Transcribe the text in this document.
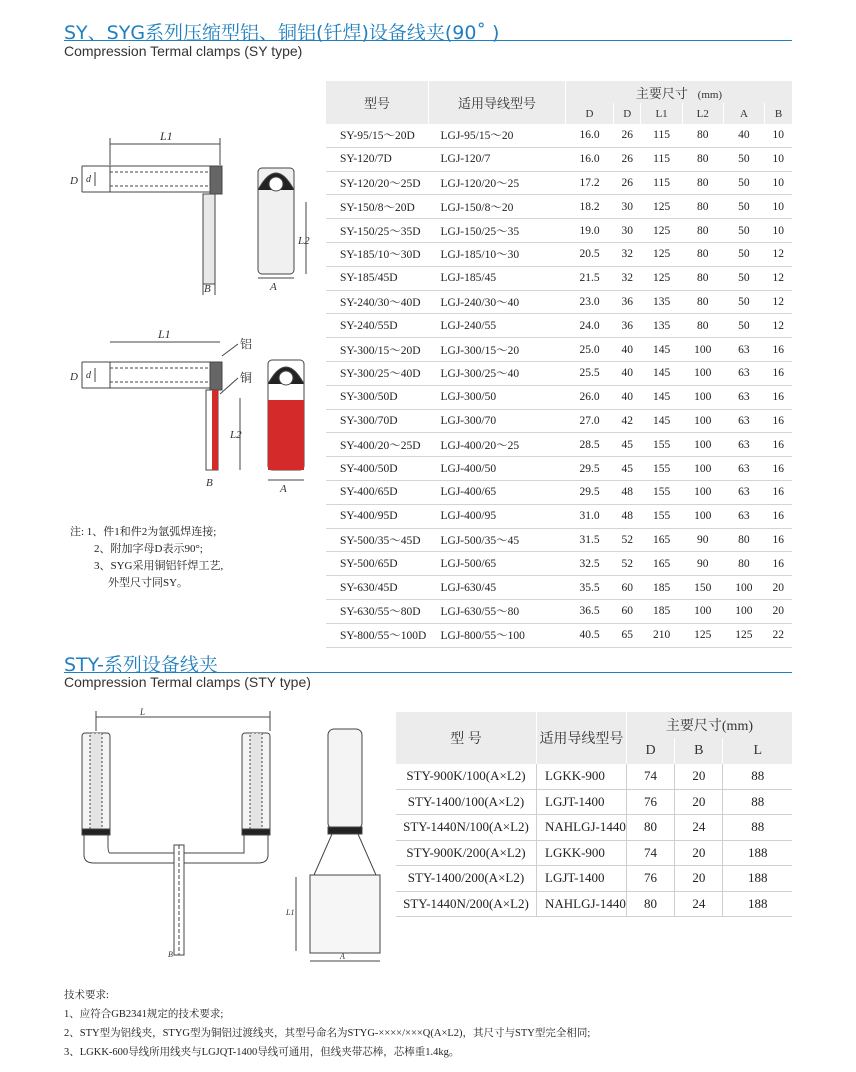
SY、SYG系列压缩型铝、铜铝(钎焊)设备线夹(90˚ )
Compression Termal clamps (SY type)
L1
D d
B
L2
A
L1
D d
铝
铜
L2
B	A
注: 1、件1和件2为氩弧焊连接;
2、附加字母D表示90°;
3、SYG采用铜铝钎焊工艺,
外型尺寸同SY。
型号	适用导线型号	主要尺寸 (mm)					
		D	D	L1	L2	A	B
SY-95/15～20D	LGJ-95/15～20	16.0	26	115	80	40	10
SY-120/7D	LGJ-120/7	16.0	26	115	80	50	10
SY-120/20～25D	LGJ-120/20～25	17.2	26	115	80	50	10
SY-150/8～20D	LGJ-150/8～20	18.2	30	125	80	50	10
SY-150/25～35D	LGJ-150/25～35	19.0	30	125	80	50	10
SY-185/10～30D	LGJ-185/10～30	20.5	32	125	80	50	12
SY-185/45D	LGJ-185/45	21.5	32	125	80	50	12
SY-240/30～40D	LGJ-240/30～40	23.0	36	135	80	50	12
SY-240/55D	LGJ-240/55	24.0	36	135	80	50	12
SY-300/15～20D	LGJ-300/15～20	25.0	40	145	100	63	16
SY-300/25～40D	LGJ-300/25～40	25.5	40	145	100	63	16
SY-300/50D	LGJ-300/50	26.0	40	145	100	63	16
SY-300/70D	LGJ-300/70	27.0	42	145	100	63	16
SY-400/20～25D	LGJ-400/20～25	28.5	45	155	100	63	16
SY-400/50D	LGJ-400/50	29.5	45	155	100	63	16
SY-400/65D	LGJ-400/65	29.5	48	155	100	63	16
SY-400/95D	LGJ-400/95	31.0	48	155	100	63	16
SY-500/35～45D	LGJ-500/35～45	31.5	52	165	90	80	16
SY-500/65D	LGJ-500/65	32.5	52	165	90	80	16
SY-630/45D	LGJ-630/45	35.5	60	185	150	100	20
SY-630/55～80D	LGJ-630/55～80	36.5	60	185	100	100	20
SY-800/55～100D	LGJ-800/55～100	40.5	65	210	125	125	22
STY-系列设备线夹
Compression Termal clamps (STY type)
L
B
L1
A
型 号	适用导线型号	主要尺寸(mm)		
		D	B	L
STY-900K/100(A×L2)	LGKK-900	74	20	88
STY-1400/100(A×L2)	LGJT-1400	76	20	88
STY-1440N/100(A×L2)	NAHLGJ-1440	80	24	88
STY-900K/200(A×L2)	LGKK-900	74	20	188
STY-1400/200(A×L2)	LGJT-1400	76	20	188
STY-1440N/200(A×L2)	NAHLGJ-1440	80	24	188
技术要求:
1、应符合GB2341规定的技术要求;
2、STY型为铝线夹，STYG型为铜铝过渡线夹，其型号命名为STYG-××××/×××Q(A×L2)，其尺寸与STY型完全相同;
3、LGKK-600导线所用线夹与LGJQT-1400导线可通用，但线夹带芯棒，芯棒重1.4kg。
